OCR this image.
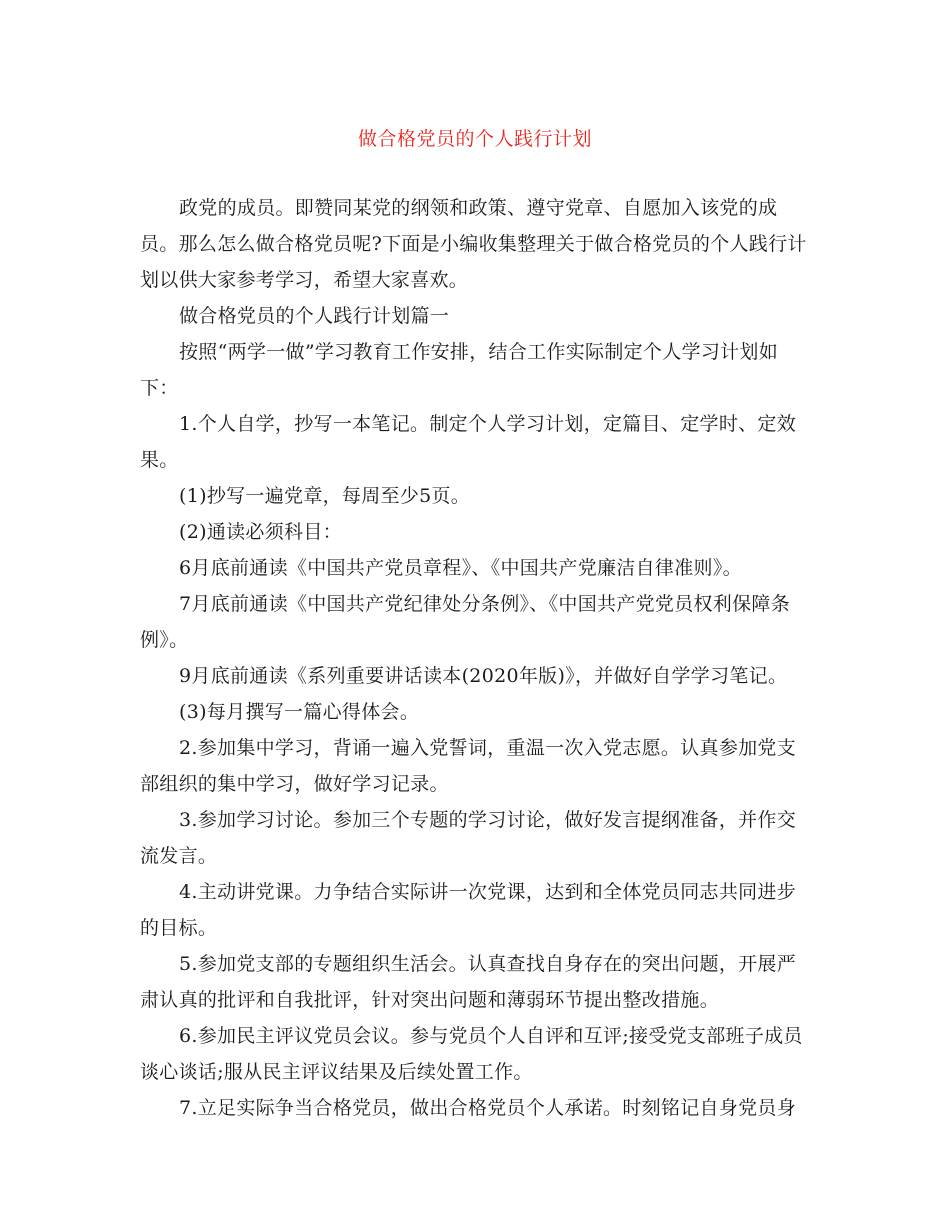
做合格党员的个人践行计划

政党的成员。即赞同某党的纲领和政策、遵守党章、自愿加入该党的成员。那么怎么做合格党员呢?下面是小编收集整理关于做合格党员的个人践行计划以供大家参考学习，希望大家喜欢。

做合格党员的个人践行计划篇一

按照“两学一做”学习教育工作安排，结合工作实际制定个人学习计划如下：

1.个人自学，抄写一本笔记。制定个人学习计划，定篇目、定学时、定效果。

(1)抄写一遍党章，每周至少5页。

(2)通读必须科目：

6月底前通读《中国共产党员章程》、《中国共产党廉洁自律准则》。

7月底前通读《中国共产党纪律处分条例》、《中国共产党党员权利保障条例》。

9月底前通读《系列重要讲话读本(2020年版)》，并做好自学学习笔记。

(3)每月撰写一篇心得体会。

2.参加集中学习，背诵一遍入党誓词，重温一次入党志愿。认真参加党支部组织的集中学习，做好学习记录。

3.参加学习讨论。参加三个专题的学习讨论，做好发言提纲准备，并作交流发言。

4.主动讲党课。力争结合实际讲一次党课，达到和全体党员同志共同进步的目标。

5.参加党支部的专题组织生活会。认真查找自身存在的突出问题，开展严肃认真的批评和自我批评，针对突出问题和薄弱环节提出整改措施。

6.参加民主评议党员会议。参与党员个人自评和互评;接受党支部班子成员谈心谈话;服从民主评议结果及后续处置工作。

7.立足实际争当合格党员，做出合格党员个人承诺。时刻铭记自身党员身
